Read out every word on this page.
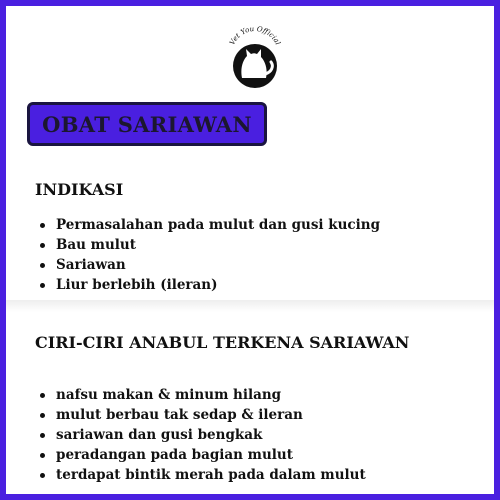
Vet You Official
OBAT SARIAWAN
INDIKASI
Permasalahan pada mulut dan gusi kucing
Bau mulut
Sariawan
Liur berlebih (ileran)
CIRI-CIRI ANABUL TERKENA SARIAWAN
nafsu makan & minum hilang
mulut berbau tak sedap & ileran
sariawan dan gusi bengkak
peradangan pada bagian mulut
terdapat bintik merah pada dalam mulut
